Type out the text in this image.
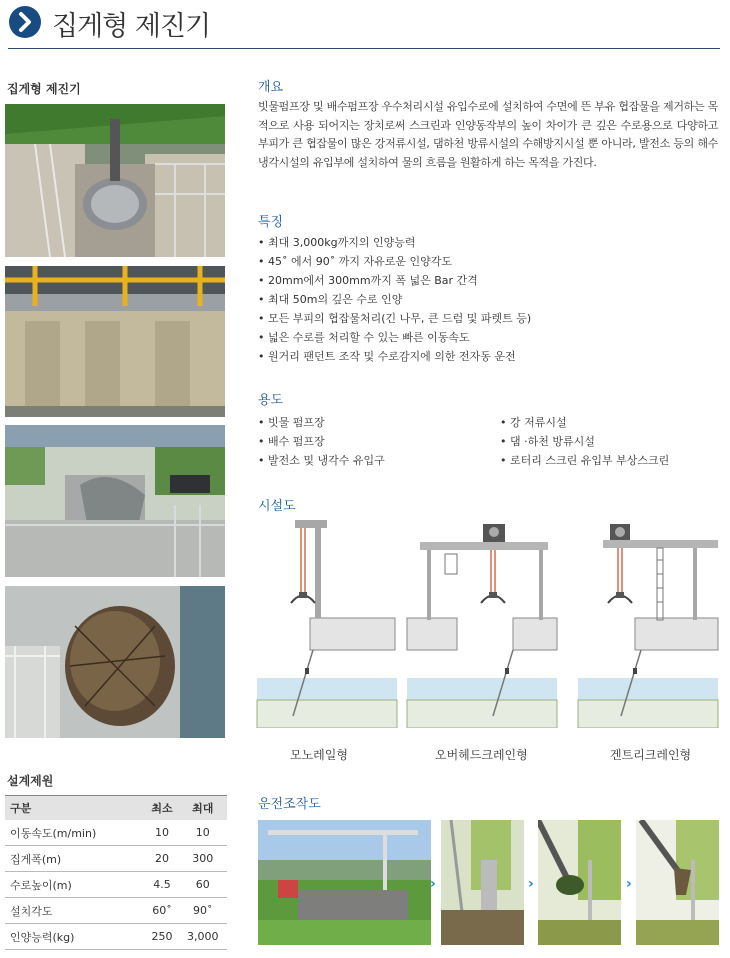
집게형 제진기
집게형 제진기
설계제원
구분	최소	최대
이동속도(m/min)	10	10
집게폭(m)	20	300
수로높이(m)	4.5	60
설치각도	60˚	90˚
인양능력(kg)	250	3,000
개요
빗물펌프장 및 배수펌프장 우수처리시설 유입수로에 설치하여 수면에 뜬 부유 협잡물을 제거하는 목적으로 사용 되어지는 장치로써 스크린과 인양동작부의 높이 차이가 큰 깊은 수로용으로 다양하고 부피가 큰 협잡물이 많은 강저류시설, 댐하천 방류시설의 수해방지시설 뿐 아니라, 발전소 등의 해수 냉각시설의 유입부에 설치하여 물의 흐름을 원활하게 하는 목적을 가진다.
특징
• 최대 3,000kg까지의 인양능력
• 45˚ 에서 90˚ 까지 자유로운 인양각도
• 20mm에서 300mm까지 폭 넓은 Bar 간격
• 최대 50m의 깊은 수로 인양
• 모든 부피의 협잡물처리(긴 나무, 큰 드럼 및 파렛트 등)
• 넓은 수로를 처리할 수 있는 빠른 이동속도
• 원거리 팬던트 조작 및 수로감지에 의한 전자동 운전
용도
• 빗물 펌프장
• 배수 펌프장
• 발전소 및 냉각수 유입구
• 강 저류시설
• 댐 ·하천 방류시설
• 로터리 스크린 유입부 부상스크린
시설도
모노레일형	오버헤드크레인형	겐트리크레인형
운전조작도
›	›	›
